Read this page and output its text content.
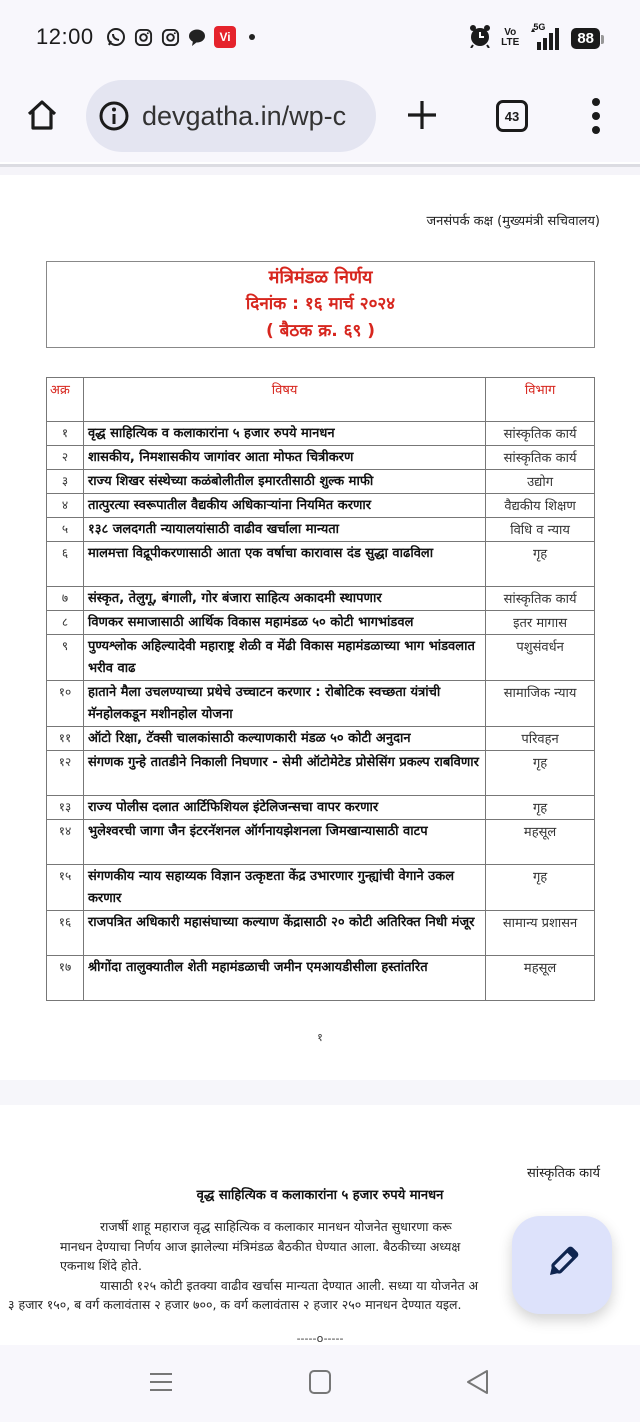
12:00	Vi	Vo
LTE
5G
88
devgatha.in/wp-c	43
जनसंपर्क कक्ष (मुख्यमंत्री सचिवालय)
मंत्रिमंडळ निर्णय
दिनांक : १६ मार्च २०२४
( बैठक क्र. ६९ )
अक्र	विषय	विभाग
१	वृद्ध साहित्यिक व कलाकारांना ५ हजार रुपये मानधन	सांस्कृतिक कार्य
२	शासकीय, निमशासकीय जागांवर आता मोफत चित्रीकरण	सांस्कृतिक कार्य
३	राज्य शिखर संस्थेच्या कळंबोलीतील इमारतीसाठी शुल्क माफी	उद्योग
४	तात्पुरत्या स्वरूपातील वैद्यकीय अधिकाऱ्यांना नियमित करणार	वैद्यकीय शिक्षण
५	१३८ जलदगती न्यायालयांसाठी वाढीव खर्चाला मान्यता	विधि व न्याय
६	मालमत्ता विद्रूपीकरणासाठी आता एक वर्षाचा कारावास दंड सुद्धा वाढविला	गृह
७	संस्कृत, तेलुगू, बंगाली, गोर बंजारा साहित्य अकादमी स्थापणार	सांस्कृतिक कार्य
८	विणकर समाजासाठी आर्थिक विकास महामंडळ ५० कोटी भागभांडवल	इतर मागास
९	पुण्यश्लोक अहिल्यादेवी महाराष्ट्र शेळी व मेंढी विकास महामंडळाच्या भाग भांडवलात भरीव वाढ	पशुसंवर्धन
१०	हाताने मैला उचलण्याच्या प्रथेचे उच्चाटन करणार : रोबोटिक स्वच्छता यंत्रांची मॅनहोलकडून मशीनहोल योजना	सामाजिक न्याय
११	ऑटो रिक्षा, टॅक्सी चालकांसाठी कल्याणकारी मंडळ ५० कोटी अनुदान	परिवहन
१२	संगणक गुन्हे तातडीने निकाली निघणार - सेमी ऑटोमेटेड प्रोसेसिंग प्रकल्प राबविणार	गृह
१३	राज्य पोलीस दलात आर्टिफिशियल इंटेलिजन्सचा वापर करणार	गृह
१४	भुलेश्वरची जागा जैन इंटरनॅशनल ऑर्गनायझेशनला जिमखान्यासाठी वाटप	महसूल
१५	संगणकीय न्याय सहाय्यक विज्ञान उत्कृष्टता केंद्र उभारणार गुन्ह्यांची वेगाने उकल करणार	गृह
१६	राजपत्रित अधिकारी महासंघाच्या कल्याण केंद्रासाठी २० कोटी अतिरिक्त निधी मंजूर	सामान्य प्रशासन
१७	श्रीगोंदा तालुक्यातील शेती महामंडळाची जमीन एमआयडीसीला हस्तांतरित	महसूल
१
सांस्कृतिक कार्य
वृद्ध साहित्यिक व कलाकारांना ५ हजार रुपये मानधन
राजर्षी शाहू महाराज वृद्ध साहित्यिक व कलाकार मानधन योजनेत सुधारणा करू
मानधन देण्याचा निर्णय आज झालेल्या मंत्रिमंडळ बैठकीत घेण्यात आला. बैठकीच्या अध्यक्ष
एकनाथ शिंदे होते.
यासाठी १२५ कोटी इतक्या वाढीव खर्चास मान्यता देण्यात आली. सध्या या योजनेत अ
३ हजार १५०, ब वर्ग कलावंतास २ हजार ७००, क वर्ग कलावंतास २ हजार २५० मानधन देण्यात यइल.
-----o-----
